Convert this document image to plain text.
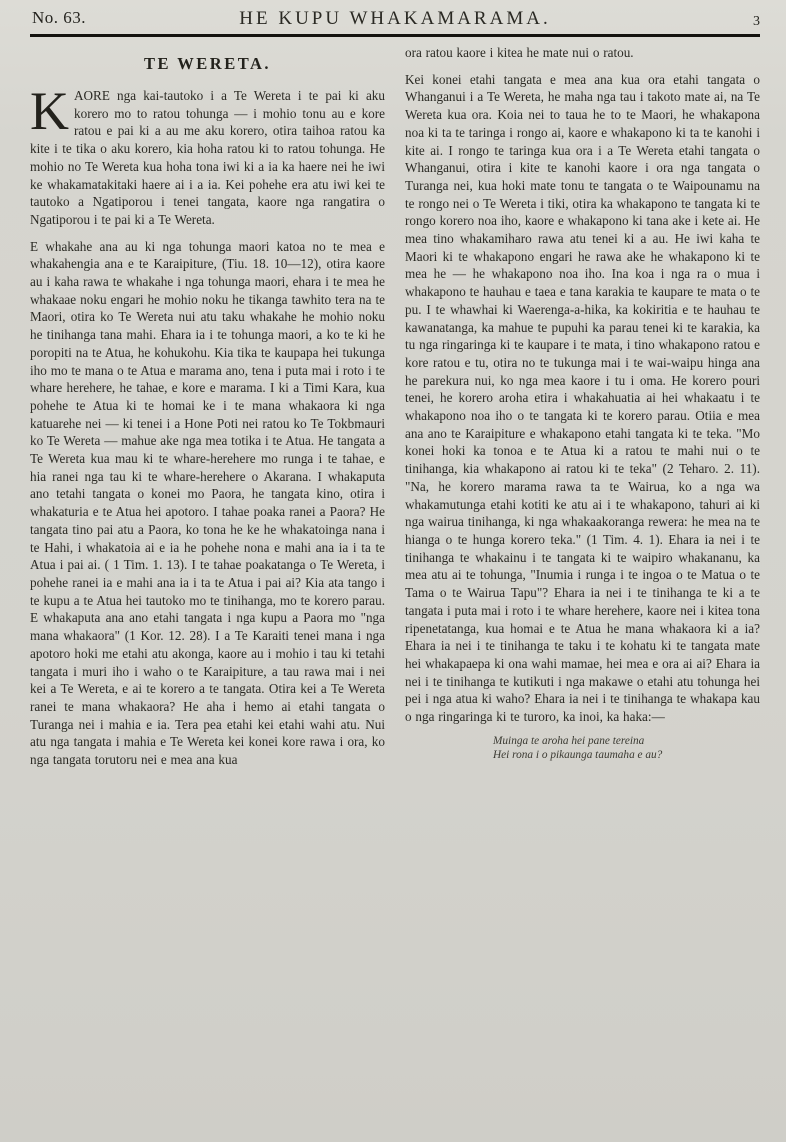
No. 63.	HE KUPU WHAKAMARAMA.	3
TE WERETA.

KAORE nga kai-tautoko i a Te Wereta i te pai ki aku korero mo to ratou tohunga — i mohio tonu au e kore ratou e pai ki a au me aku korero, otira taihoa ratou ka kite i te tika o aku korero, kia hoha ratou ki to ratou tohunga. He mohio no Te Wereta kua hoha tona iwi ki a ia ka haere nei he iwi ke whakamatakitaki haere ai i a ia. Kei pohehe era atu iwi kei te tautoko a Ngatiporou i tenei tangata, kaore nga rangatira o Ngatiporou i te pai ki a Te Wereta.

E whakahe ana au ki nga tohunga maori katoa no te mea e whakahengia ana e te Karaipiture, (Tiu. 18. 10—12), otira kaore au i kaha rawa te whakahe i nga tohunga maori, ehara i te mea he whakaae noku engari he mohio noku he tikanga tawhito tera na te Maori, otira ko Te Wereta nui atu taku whakahe he mohio noku he tinihanga tana mahi. Ehara ia i te tohunga maori, a ko te ki he poropiti na te Atua, he kohukohu. Kia tika te kaupapa hei tukunga iho mo te mana o te Atua e marama ano, tena i puta mai i roto i te whare herehere, he tahae, e kore e marama. I ki a Timi Kara, kua pohehe te Atua ki te homai ke i te mana whakaora ki nga katuarehe nei — ki tenei i a Hone Poti nei ratou ko Te Tokbmauri ko Te Wereta — mahue ake nga mea totika i te Atua. He tangata a Te Wereta kua mau ki te whare-herehere mo runga i te tahae, e hia ranei nga tau ki te whare-herehere o Akarana. I whakaputa ano tetahi tangata o konei mo Paora, he tangata kino, otira i whakaturia e te Atua hei apotoro. I tahae poaka ranei a Paora? He tangata tino pai atu a Paora, ko tona he ke he whakatoinga nana i te Hahi, i whakatoia ai e ia he pohehe nona e mahi ana ia i ta te Atua i pai ai. ( 1 Tim. 1. 13). I te tahae poakatanga o Te Wereta, i pohehe ranei ia e mahi ana ia i ta te Atua i pai ai? Kia ata tango i te kupu a te Atua hei tautoko mo te tinihanga, mo te korero parau. E whakaputa ana ano etahi tangata i nga kupu a Paora mo "nga mana whakaora" (1 Kor. 12. 28). I a Te Karaiti tenei mana i nga apotoro hoki me etahi atu akonga, kaore au i mohio i tau ki tetahi tangata i muri iho i waho o te Karaipiture, a tau rawa mai i nei kei a Te Wereta, e ai te korero a te tangata. Otira kei a Te Wereta ranei te mana whakaora? He aha i hemo ai etahi tangata o Turanga nei i mahia e ia. Tera pea etahi kei etahi wahi atu. Nui atu nga tangata i mahia e Te Wereta kei konei kore rawa i ora, ko nga tangata torutoru nei e mea ana kua

ora ratou kaore i kitea he mate nui o ratou.

Kei konei etahi tangata e mea ana kua ora etahi tangata o Whanganui i a Te Wereta, he maha nga tau i takoto mate ai, na Te Wereta kua ora. Koia nei to taua he to te Maori, he whakapona noa ki ta te taringa i rongo ai, kaore e whakapono ki ta te kanohi i kite ai. I rongo te taringa kua ora i a Te Wereta etahi tangata o Whanganui, otira i kite te kanohi kaore i ora nga tangata o Turanga nei, kua hoki mate tonu te tangata o te Waipounamu na te rongo nei o Te Wereta i tiki, otira ka whakapono te tangata ki te rongo korero noa iho, kaore e whakapono ki tana ake i kete ai. He mea tino whakamiharo rawa atu tenei ki a au. He iwi kaha te Maori ki te whakapono engari he rawa ake he whakapono ki te mea he — he whakapono noa iho. Ina koa i nga ra o mua i whakapono te hauhau e taea e tana karakia te kaupare te mata o te pu. I te whawhai ki Waerenga-a-hika, ka kokiritia e te hauhau te kawanatanga, ka mahue te pupuhi ka parau tenei ki te karakia, ka tu nga ringaringa ki te kaupare i te mata, i tino whakapono ratou e kore ratou e tu, otira no te tukunga mai i te wai-waipu hinga ana he parekura nui, ko nga mea kaore i tu i oma. He korero pouri tenei, he korero aroha etira i whakahuatia ai hei whakaatu i te whakapono noa iho o te tangata ki te korero parau. Otiia e mea ana ano te Karaipiture e whakapono etahi tangata ki te teka. "Mo konei hoki ka tonoa e te Atua ki a ratou te mahi nui o te tinihanga, kia whakapono ai ratou ki te teka" (2 Teharo. 2. 11). "Na, he korero marama rawa ta te Wairua, ko a nga wa whakamutunga etahi kotiti ke atu ai i te whakapono, tahuri ai ki nga wairua tinihanga, ki nga whakaakoranga rewera: he mea na te hianga o te hunga korero teka." (1 Tim. 4. 1). Ehara ia nei i te tinihanga te whakainu i te tangata ki te waipiro whakananu, ka mea atu ai te tohunga, "Inumia i runga i te ingoa o te Matua o te Tama o te Wairua Tapu"? Ehara ia nei i te tinihanga te ki a te tangata i puta mai i roto i te whare herehere, kaore nei i kitea tona ripenetatanga, kua homai e te Atua he mana whakaora ki a ia? Ehara ia nei i te tinihanga te taku i te kohatu ki te tangata mate hei whakapaepa ki ona wahi mamae, hei mea e ora ai ai? Ehara ia nei i te tinihanga te kutikuti i nga makawe o etahi atu tohunga hei pei i nga atua ki waho? Ehara ia nei i te tinihanga te whakapa kau o nga ringaringa ki te turoro, ka inoi, ka haka:—

Muinga te aroha hei pane tereina
Hei rona i o pikaunga taumaha e au?
